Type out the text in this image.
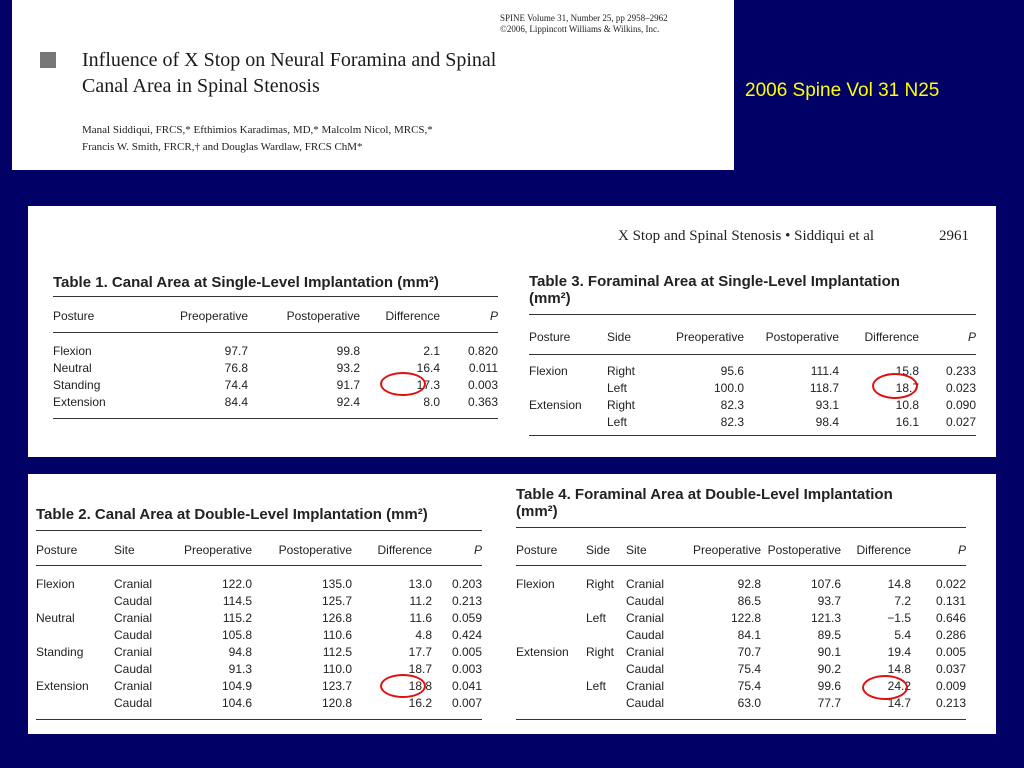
SPINE Volume 31, Number 25, pp 2958–2962
©2006, Lippincott Williams & Wilkins, Inc.
Influence of X Stop on Neural Foramina and Spinal
Canal Area in Spinal Stenosis
Manal Siddiqui, FRCS,* Efthimios Karadimas, MD,* Malcolm Nicol, MRCS,*
Francis W. Smith, FRCR,† and Douglas Wardlaw, FRCS ChM*
2006 Spine Vol 31 N25
X Stop and Spinal Stenosis • Siddiqui et al	2961
Table 1. Canal Area at Single-Level Implantation (mm²)
Posture	Preoperative	Postoperative	Difference	P
Flexion	97.7	99.8	2.1	0.820
Neutral	76.8	93.2	16.4	0.011
Standing	74.4	91.7	17.3	0.003
Extension	84.4	92.4	8.0	0.363
Table 3. Foraminal Area at Single-Level Implantation
(mm²)
Posture	Side	Preoperative	Postoperative	Difference	P
Flexion	Right	95.6	111.4	15.8	0.233
	Left	100.0	118.7	18.7	0.023
Extension	Right	82.3	93.1	10.8	0.090
	Left	82.3	98.4	16.1	0.027
Table 2. Canal Area at Double-Level Implantation (mm²)
Posture	Site	Preoperative	Postoperative	Difference	P
Flexion	Cranial	122.0	135.0	13.0	0.203
	Caudal	114.5	125.7	11.2	0.213
Neutral	Cranial	115.2	126.8	11.6	0.059
	Caudal	105.8	110.6	4.8	0.424
Standing	Cranial	94.8	112.5	17.7	0.005
	Caudal	91.3	110.0	18.7	0.003
Extension	Cranial	104.9	123.7	18.8	0.041
	Caudal	104.6	120.8	16.2	0.007
Table 4. Foraminal Area at Double-Level Implantation
(mm²)
Posture	Side	Site	Preoperative	Postoperative	Difference	P
Flexion	Right	Cranial	92.8	107.6	14.8	0.022
		Caudal	86.5	93.7	7.2	0.131
	Left	Cranial	122.8	121.3	−1.5	0.646
		Caudal	84.1	89.5	5.4	0.286
Extension	Right	Cranial	70.7	90.1	19.4	0.005
		Caudal	75.4	90.2	14.8	0.037
	Left	Cranial	75.4	99.6	24.2	0.009
		Caudal	63.0	77.7	14.7	0.213
